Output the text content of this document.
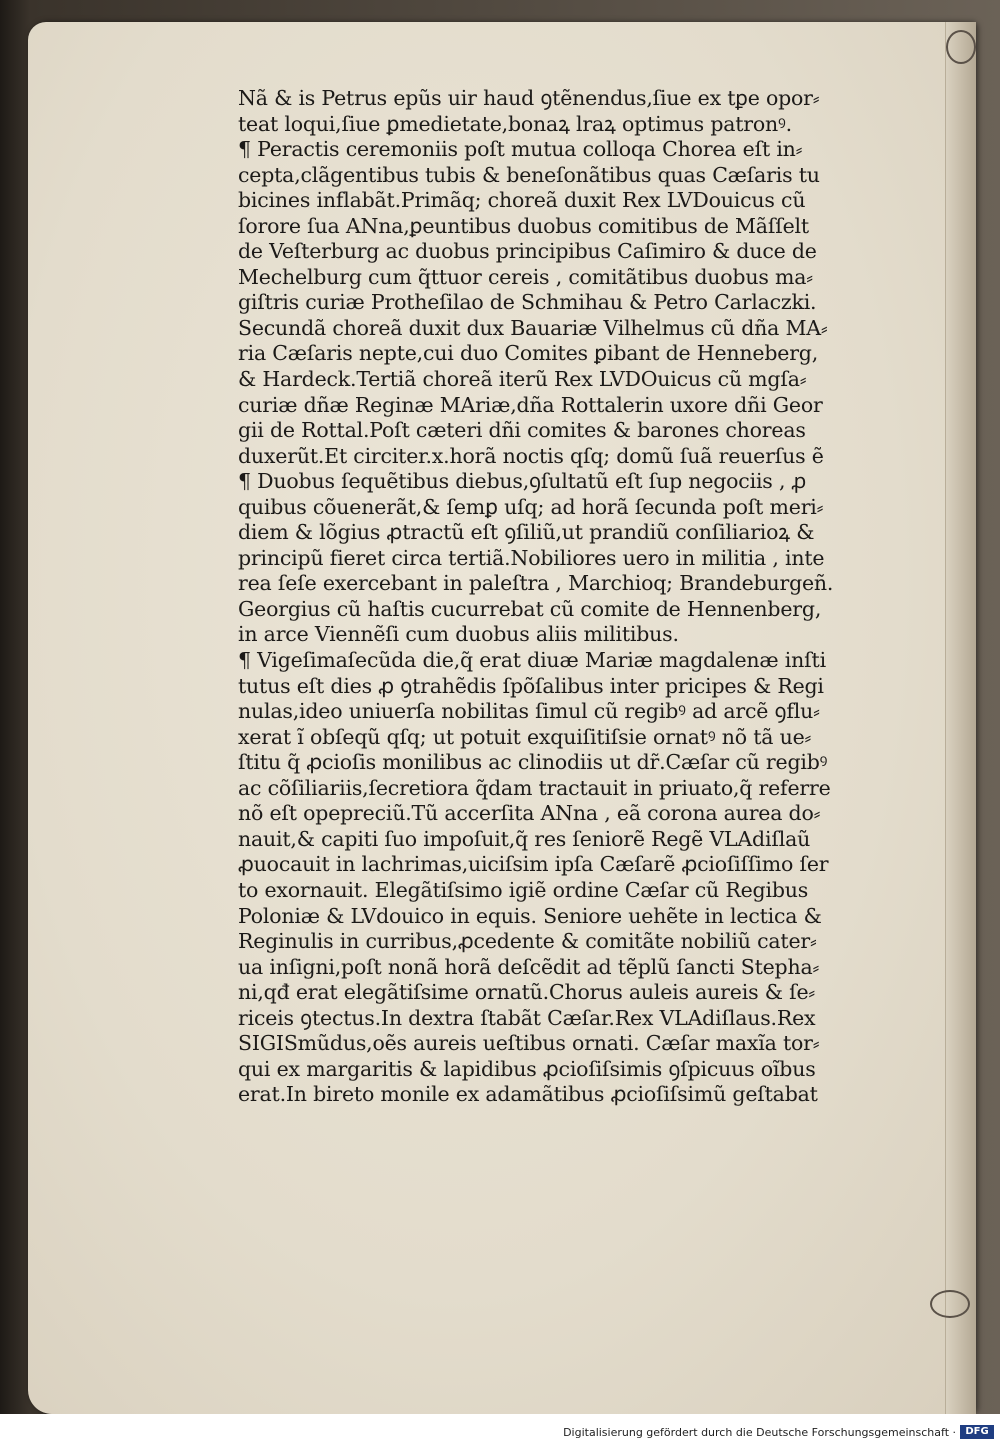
Nã & is Petrus epũs uir haud ꝯtẽnendus,ſiue ex tꝑe opor⸗
teat loqui,ſiue ꝑmedietate,bonaꝝ lraꝝ optimus patronꝰ.
¶ Peractis ceremoniis poſt mutua colloqa Chorea eſt in⸗
cepta,clãgentibus tubis & beneſonãtibus quas Cæſaris tu
bicines inflabãt.Primãq; choreã duxit Rex LVDouicus cũ
ſorore ſua ANna,ꝑeuntibus duobus comitibus de Mãſſelt
de Veſterburg ac duobus principibus Caſimiro & duce de
Mechelburg cum q̃ttuor cereis , comitãtibus duobus ma⸗
giſtris curiæ Protheſilao de Schmihau & Petro Carlaczki.
Secundã choreã duxit dux Bauariæ Vilhelmus cũ dña MA⸗
ria Cæſaris nepte,cui duo Comites ꝑibant de Henneberg,
& Hardeck.Tertiã choreã iterũ Rex LVDOuicus cũ mgſa⸗
curiæ dñæ Reginæ MAriæ,dña Rottalerin uxore dñi Geor
gii de Rottal.Poſt cæteri dñi comites & barones choreas
duxerũt.Et circiter.x.horã noctis qſq; domũ ſuã reuerſus ẽ
¶ Duobus ſequẽtibus diebus,ꝯſultatũ eſt ſup negociis , ꝓ
quibus cõuenerãt,& ſemꝑ uſq; ad horã ſecunda poſt meri⸗
diem & lõgius ꝓtractũ eſt ꝯſiliũ,ut prandiũ conſiliarioꝝ &
principũ fieret circa tertiã.Nobiliores uero in militia , inte
rea ſeſe exercebant in paleſtra , Marchioq; Brandeburgeñ.
Georgius cũ haſtis cucurrebat cũ comite de Hennenberg,
in arce Viennẽſi cum duobus aliis militibus.
¶ Vigeſimaſecũda die,q̃ erat diuæ Mariæ magdalenæ inſti
tutus eſt dies ꝓ ꝯtrahẽdis ſpõſalibus inter pricipes & Regi
nulas,ideo uniuerſa nobilitas ſimul cũ regibꝰ ad arcẽ ꝯflu⸗
xerat ĩ obſeqũ qſq; ut potuit exquiſitiſsie ornatꝰ nõ tã ue⸗
ſtitu q̃ ꝓcioſis monilibus ac clinodiis ut dr̃.Cæſar cũ regibꝰ
ac cõſiliariis,ſecretiora q̃dam tractauit in priuato,q̃ referre
nõ eſt opepreciũ.Tũ accerſita ANna , eã corona aurea do⸗
nauit,& capiti ſuo impoſuit,q̃ res ſeniorẽ Regẽ VLAdiſlaũ
ꝓuocauit in lachrimas,uiciſsim ipſa Cæſarẽ ꝓcioſiſſimo ſer
to exornauit. Elegãtiſsimo igiẽ ordine Cæſar cũ Regibus
Poloniæ & LVdouico in equis. Seniore uehẽte in lectica &
Reginulis in curribus,ꝓcedente & comitãte nobiliũ cater⸗
ua inſigni,poſt nonã horã deſcẽdit ad tẽplũ ſancti Stepha⸗
ni,qđ erat elegãtiſsime ornatũ.Chorus auleis aureis & ſe⸗
riceis ꝯtectus.In dextra ſtabãt Cæſar.Rex VLAdiſlaus.Rex
SIGISmũdus,oẽs aureis ueſtibus ornati. Cæſar maxĩa tor⸗
qui ex margaritis & lapidibus ꝓcioſiſsimis ꝯſpicuus oĩbus
erat.In bireto monile ex adamãtibus ꝓcioſiſsimũ geſtabat
Digitalisierung gefördert durch die Deutsche Forschungsgemeinschaft · DFG
